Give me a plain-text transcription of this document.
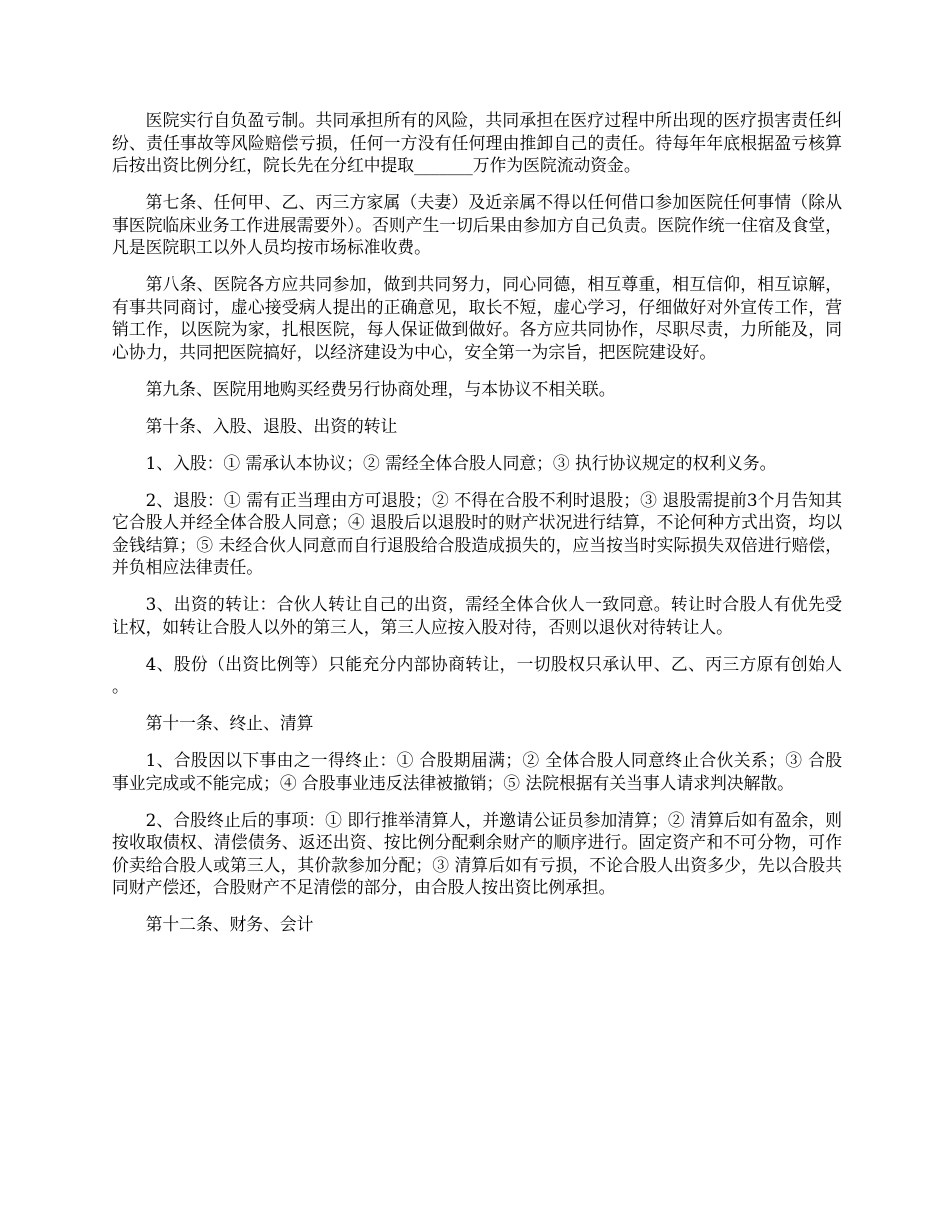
医院实行自负盈亏制。共同承担所有的风险，共同承担在医疗过程中所出现的医疗损害责任纠纷、责任事故等风险赔偿亏损，任何一方没有任何理由推卸自己的责任。待每年年底根据盈亏核算后按出资比例分红，院长先在分红中提取_______万作为医院流动资金。

第七条、任何甲、乙、丙三方家属（夫妻）及近亲属不得以任何借口参加医院任何事情（除从事医院临床业务工作进展需要外）。否则产生一切后果由参加方自己负责。医院作统一住宿及食堂，凡是医院职工以外人员均按市场标准收费。

第八条、医院各方应共同参加，做到共同努力，同心同德，相互尊重，相互信仰，相互谅解，有事共同商讨，虚心接受病人提出的正确意见，取长不短，虚心学习，仔细做好对外宣传工作，营销工作，以医院为家，扎根医院，每人保证做到做好。各方应共同协作，尽职尽责，力所能及，同心协力，共同把医院搞好，以经济建设为中心，安全第一为宗旨，把医院建设好。

第九条、医院用地购买经费另行协商处理，与本协议不相关联。

第十条、入股、退股、出资的转让

1、入股：① 需承认本协议；② 需经全体合股人同意；③ 执行协议规定的权利义务。

2、退股：① 需有正当理由方可退股；② 不得在合股不利时退股；③ 退股需提前3个月告知其它合股人并经全体合股人同意；④ 退股后以退股时的财产状况进行结算，不论何种方式出资，均以金钱结算；⑤ 未经合伙人同意而自行退股给合股造成损失的，应当按当时实际损失双倍进行赔偿，并负相应法律责任。

3、出资的转让：合伙人转让自己的出资，需经全体合伙人一致同意。转让时合股人有优先受让权，如转让合股人以外的第三人，第三人应按入股对待，否则以退伙对待转让人。

4、股份（出资比例等）只能充分内部协商转让，一切股权只承认甲、乙、丙三方原有创始人。

第十一条、终止、清算

1、合股因以下事由之一得终止：① 合股期届满；② 全体合股人同意终止合伙关系；③ 合股事业完成或不能完成；④ 合股事业违反法律被撤销；⑤ 法院根据有关当事人请求判决解散。

2、合股终止后的事项：① 即行推举清算人，并邀请公证员参加清算；② 清算后如有盈余，则按收取债权、清偿债务、返还出资、按比例分配剩余财产的顺序进行。固定资产和不可分物，可作价卖给合股人或第三人，其价款参加分配；③ 清算后如有亏损，不论合股人出资多少，先以合股共同财产偿还，合股财产不足清偿的部分，由合股人按出资比例承担。

第十二条、财务、会计
